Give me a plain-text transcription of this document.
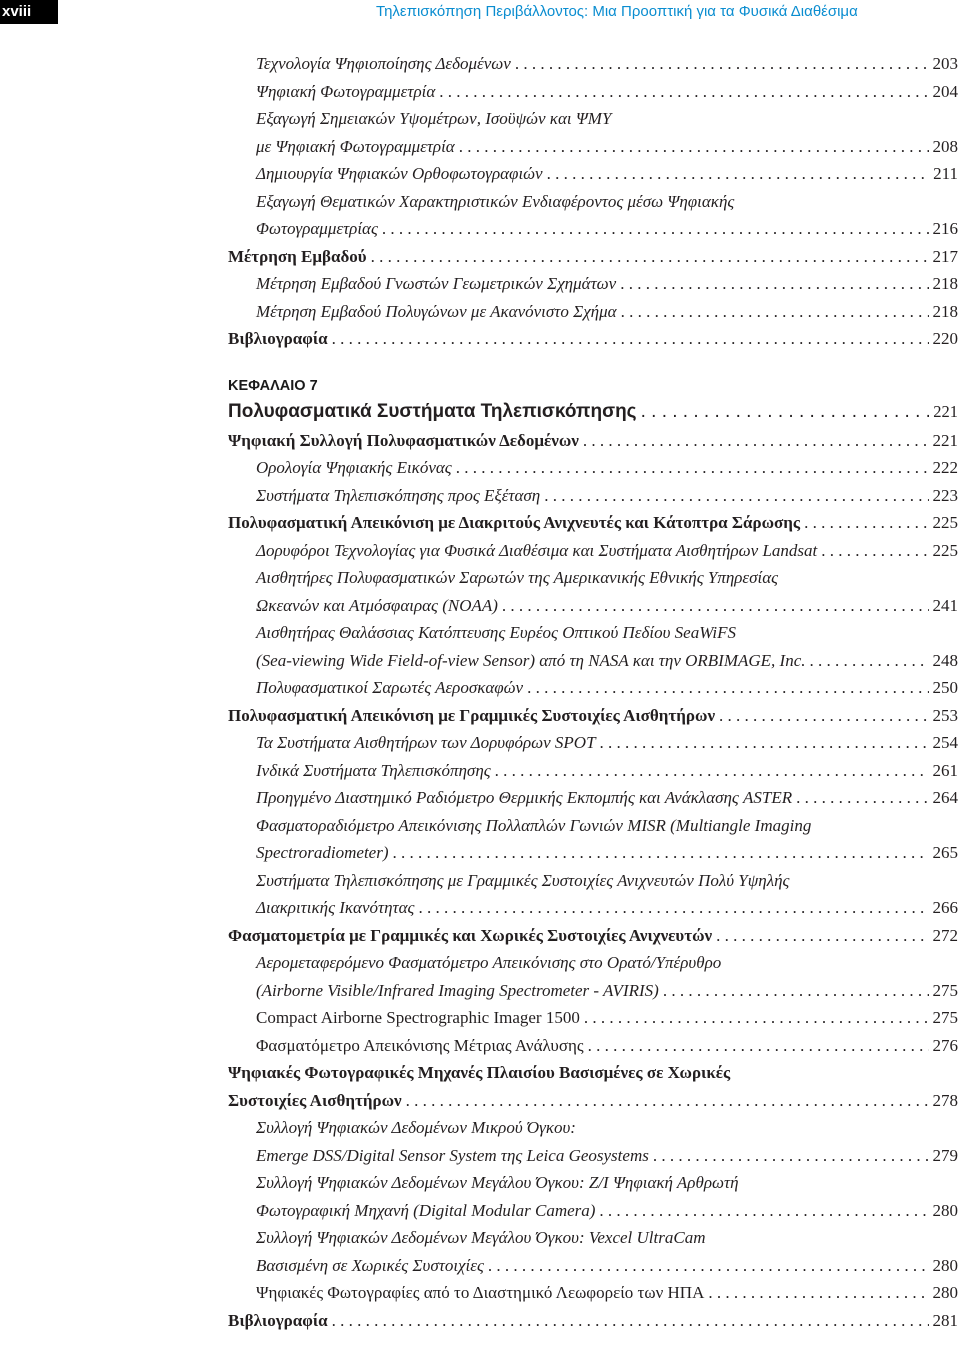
xviii	Τηλεπισκόπηση Περιβάλλοντος: Μια Προοπτική για τα Φυσικά Διαθέσιμα
Τεχνολογία Ψηφιοποίησης Δεδομένων . . .	203
Ψηφιακή Φωτογραμμετρία . . .	204
Εξαγωγή Σημειακών Υψομέτρων, Ισοϋψών και ΨΜΥ
με Ψηφιακή Φωτογραμμετρία . . .	208
Δημιουργία Ψηφιακών Ορθοφωτογραφιών . . .	211
Εξαγωγή Θεματικών Χαρακτηριστικών Ενδιαφέροντος μέσω Ψηφιακής
Φωτογραμμετρίας . . .	216
Μέτρηση Εμβαδού . . .	217
Μέτρηση Εμβαδού Γνωστών Γεωμετρικών Σχημάτων . . .	218
Μέτρηση Εμβαδού Πολυγώνων με Ακανόνιστο Σχήμα . . .	218
Βιβλιογραφία . . .	220
ΚΕΦΑΛΑΙΟ 7
Πολυφασματικά Συστήματα Τηλεπισκόπησης . . .	221
Ψηφιακή Συλλογή Πολυφασματικών Δεδομένων . . .	221
Ορολογία Ψηφιακής Εικόνας . . .	222
Συστήματα Τηλεπισκόπησης προς Εξέταση . . .	223
Πολυφασματική Απεικόνιση με Διακριτούς Ανιχνευτές και Κάτοπτρα Σάρωσης . . .	225
Δορυφόροι Τεχνολογίας για Φυσικά Διαθέσιμα και Συστήματα Αισθητήρων Landsat . . .	225
Αισθητήρες Πολυφασματικών Σαρωτών της Αμερικανικής Εθνικής Υπηρεσίας
Ωκεανών και Ατμόσφαιρας (NOAA) . . .	241
Αισθητήρας Θαλάσσιας Κατόπτευσης Ευρέος Οπτικού Πεδίου SeaWiFS
(Sea-viewing Wide Field-of-view Sensor) από τη NASA και την ORBIMAGE, Inc. . . .	248
Πολυφασματικοί Σαρωτές Αεροσκαφών . . .	250
Πολυφασματική Απεικόνιση με Γραμμικές Συστοιχίες Αισθητήρων . . .	253
Τα Συστήματα Αισθητήρων των Δορυφόρων SPOT . . .	254
Ινδικά Συστήματα Τηλεπισκόπησης . . .	261
Προηγμένο Διαστημικό Ραδιόμετρο Θερμικής Εκπομπής και Ανάκλασης ASTER . . .	264
Φασματοραδιόμετρο Απεικόνισης Πολλαπλών Γωνιών MISR (Multiangle Imaging
Spectroradiometer) . . .	265
Συστήματα Τηλεπισκόπησης με Γραμμικές Συστοιχίες Ανιχνευτών Πολύ Υψηλής
Διακριτικής Ικανότητας . . .	266
Φασματομετρία με Γραμμικές και Χωρικές Συστοιχίες Ανιχνευτών . . .	272
Αερομεταφερόμενο Φασματόμετρο Απεικόνισης στο Ορατό/Υπέρυθρο
(Airborne Visible/Infrared Imaging Spectrometer - AVIRIS) . . .	275
Compact Airborne Spectrographic Imager 1500 . . .	275
Φασματόμετρο Απεικόνισης Μέτριας Ανάλυσης . . .	276
Ψηφιακές Φωτογραφικές Μηχανές Πλαισίου Βασισμένες σε Χωρικές
Συστοιχίες Αισθητήρων . . .	278
Συλλογή Ψηφιακών Δεδομένων Μικρού Όγκου:
Emerge DSS/Digital Sensor System της Leica Geosystems . . .	279
Συλλογή Ψηφιακών Δεδομένων Μεγάλου Όγκου: Z/I Ψηφιακή Αρθρωτή
Φωτογραφική Μηχανή (Digital Modular Camera) . . .	280
Συλλογή Ψηφιακών Δεδομένων Μεγάλου Όγκου: Vexcel UltraCam
Βασισμένη σε Χωρικές Συστοιχίες . . .	280
Ψηφιακές Φωτογραφίες από το Διαστημικό Λεωφορείο των ΗΠΑ . . .	280
Βιβλιογραφία . . .	281
